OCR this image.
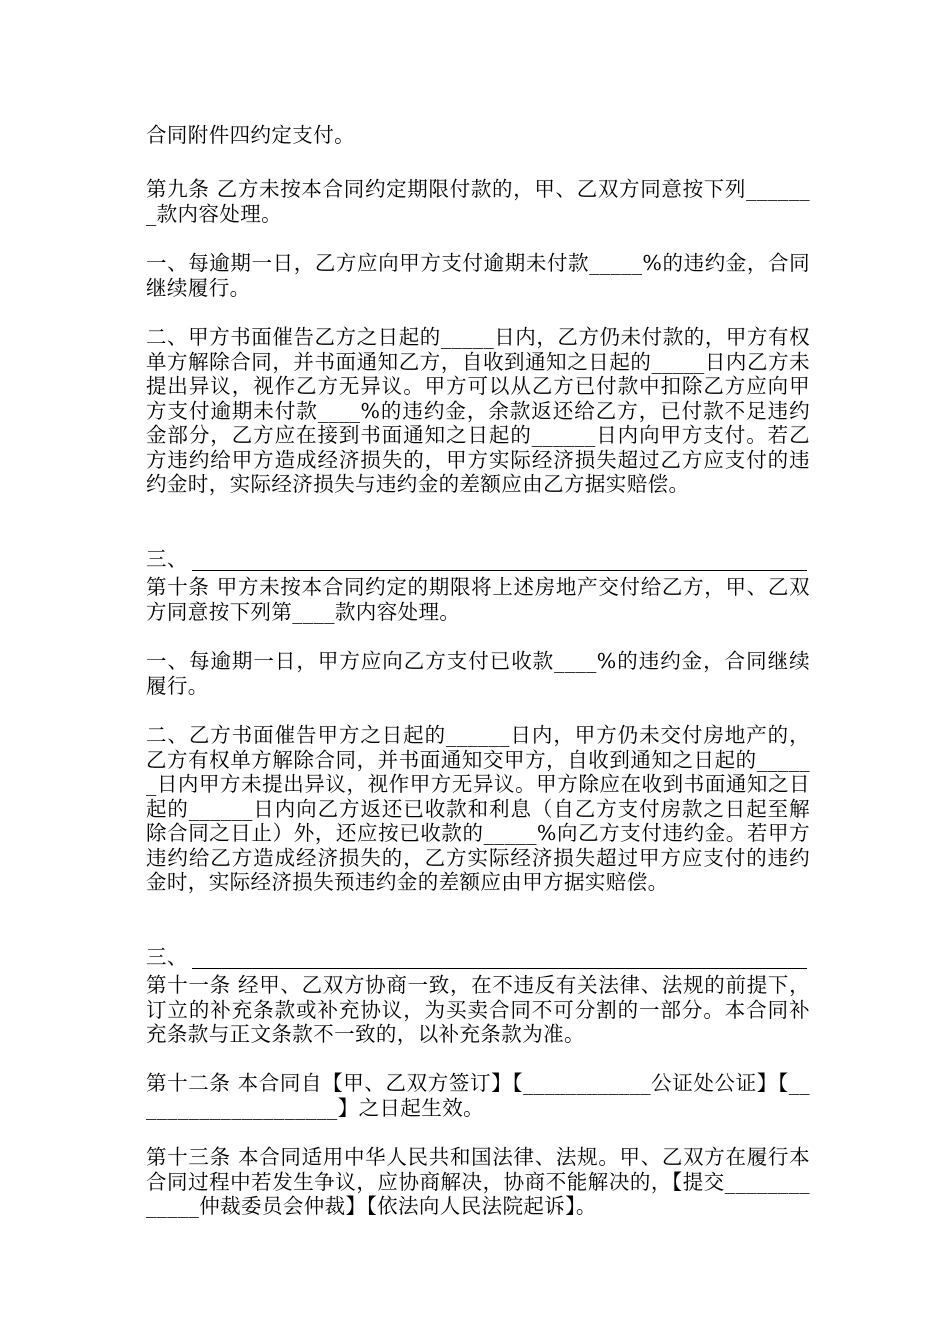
合同附件四约定支付。

第九条 乙方未按本合同约定期限付款的，甲、乙双方同意按下列_______款内容处理。

一、每逾期一日，乙方应向甲方支付逾期未付款_____%的违约金，合同继续履行。

二、甲方书面催告乙方之日起的_____日内，乙方仍未付款的，甲方有权单方解除合同，并书面通知乙方，自收到通知之日起的_____日内乙方未提出异议，视作乙方无异议。甲方可以从乙方已付款中扣除乙方应向甲方支付逾期未付款____%的违约金，余款返还给乙方，已付款不足违约金部分，乙方应在接到书面通知之日起的______日内向甲方支付。若乙方违约给甲方造成经济损失的，甲方实际经济损失超过乙方应支付的违约金时，实际经济损失与违约金的差额应由乙方据实赔偿。

三、

第十条 甲方未按本合同约定的期限将上述房地产交付给乙方，甲、乙双方同意按下列第____款内容处理。

一、每逾期一日，甲方应向乙方支付已收款____%的违约金，合同继续履行。

二、乙方书面催告甲方之日起的______日内，甲方仍未交付房地产的，乙方有权单方解除合同，并书面通知交甲方，自收到通知之日起的______日内甲方未提出异议，视作甲方无异议。甲方除应在收到书面通知之日起的______日内向乙方返还已收款和利息（自乙方支付房款之日起至解除合同之日止）外，还应按已收款的_____%向乙方支付违约金。若甲方违约给乙方造成经济损失的，乙方实际经济损失超过甲方应支付的违约金时，实际经济损失预违约金的差额应由甲方据实赔偿。

三、

第十一条 经甲、乙双方协商一致，在不违反有关法律、法规的前提下，订立的补充条款或补充协议，为买卖合同不可分割的一部分。本合同补充条款与正文条款不一致的，以补充条款为准。

第十二条 本合同自【甲、乙双方签订】【____________公证处公证】【____________________】之日起生效。

第十三条 本合同适用中华人民共和国法律、法规。甲、乙双方在履行本合同过程中若发生争议，应协商解决，协商不能解决的，【提交_____________仲裁委员会仲裁】【依法向人民法院起诉】。
